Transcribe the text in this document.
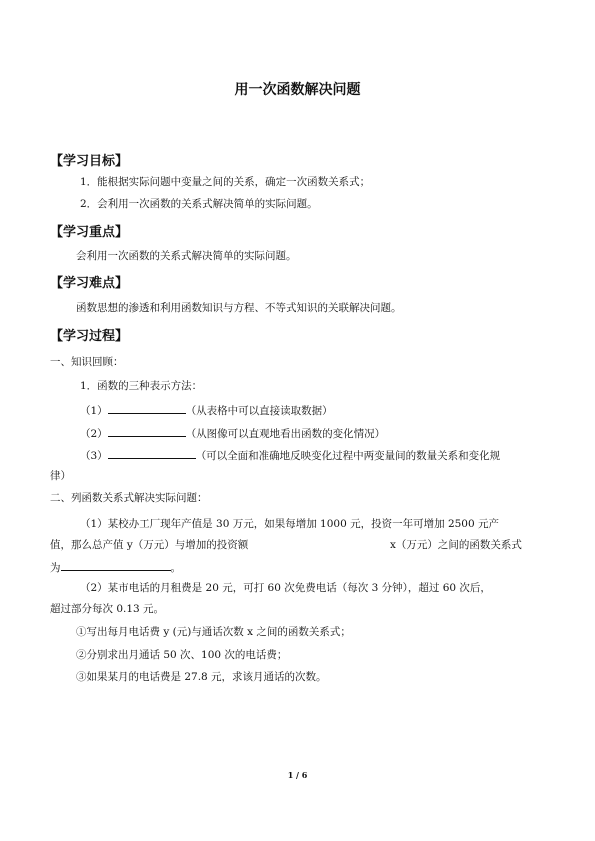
用一次函数解决问题
【学习目标】
1．能根据实际问题中变量之间的关系，确定一次函数关系式；
2．会利用一次函数的关系式解决简单的实际问题。
【学习重点】
会利用一次函数的关系式解决简单的实际问题。
【学习难点】
函数思想的渗透和利用函数知识与方程、不等式知识的关联解决问题。
【学习过程】
一、知识回顾：
1．函数的三种表示方法：
（1）	（从表格中可以直接读取数据）
（2）	（从图像可以直观地看出函数的变化情况）
（3）	（可以全面和准确地反映变化过程中两变量间的数量关系和变化规
律）
二、列函数关系式解决实际问题：
（1）某校办工厂现年产值是 30 万元，如果每增加 1000 元，投资一年可增加 2500 元产
值，那么总产值 y（万元）与增加的投资额	x（万元）之间的函数关系式
为	。
（2）某市电话的月租费是 20 元，可打 60 次免费电话（每次 3 分钟），超过 60 次后，
超过部分每次 0.13 元。
①写出每月电话费 y (元)与通话次数 x 之间的函数关系式；
②分别求出月通话 50 次、100 次的电话费；
③如果某月的电话费是 27.8 元，求该月通话的次数。
1 / 6
